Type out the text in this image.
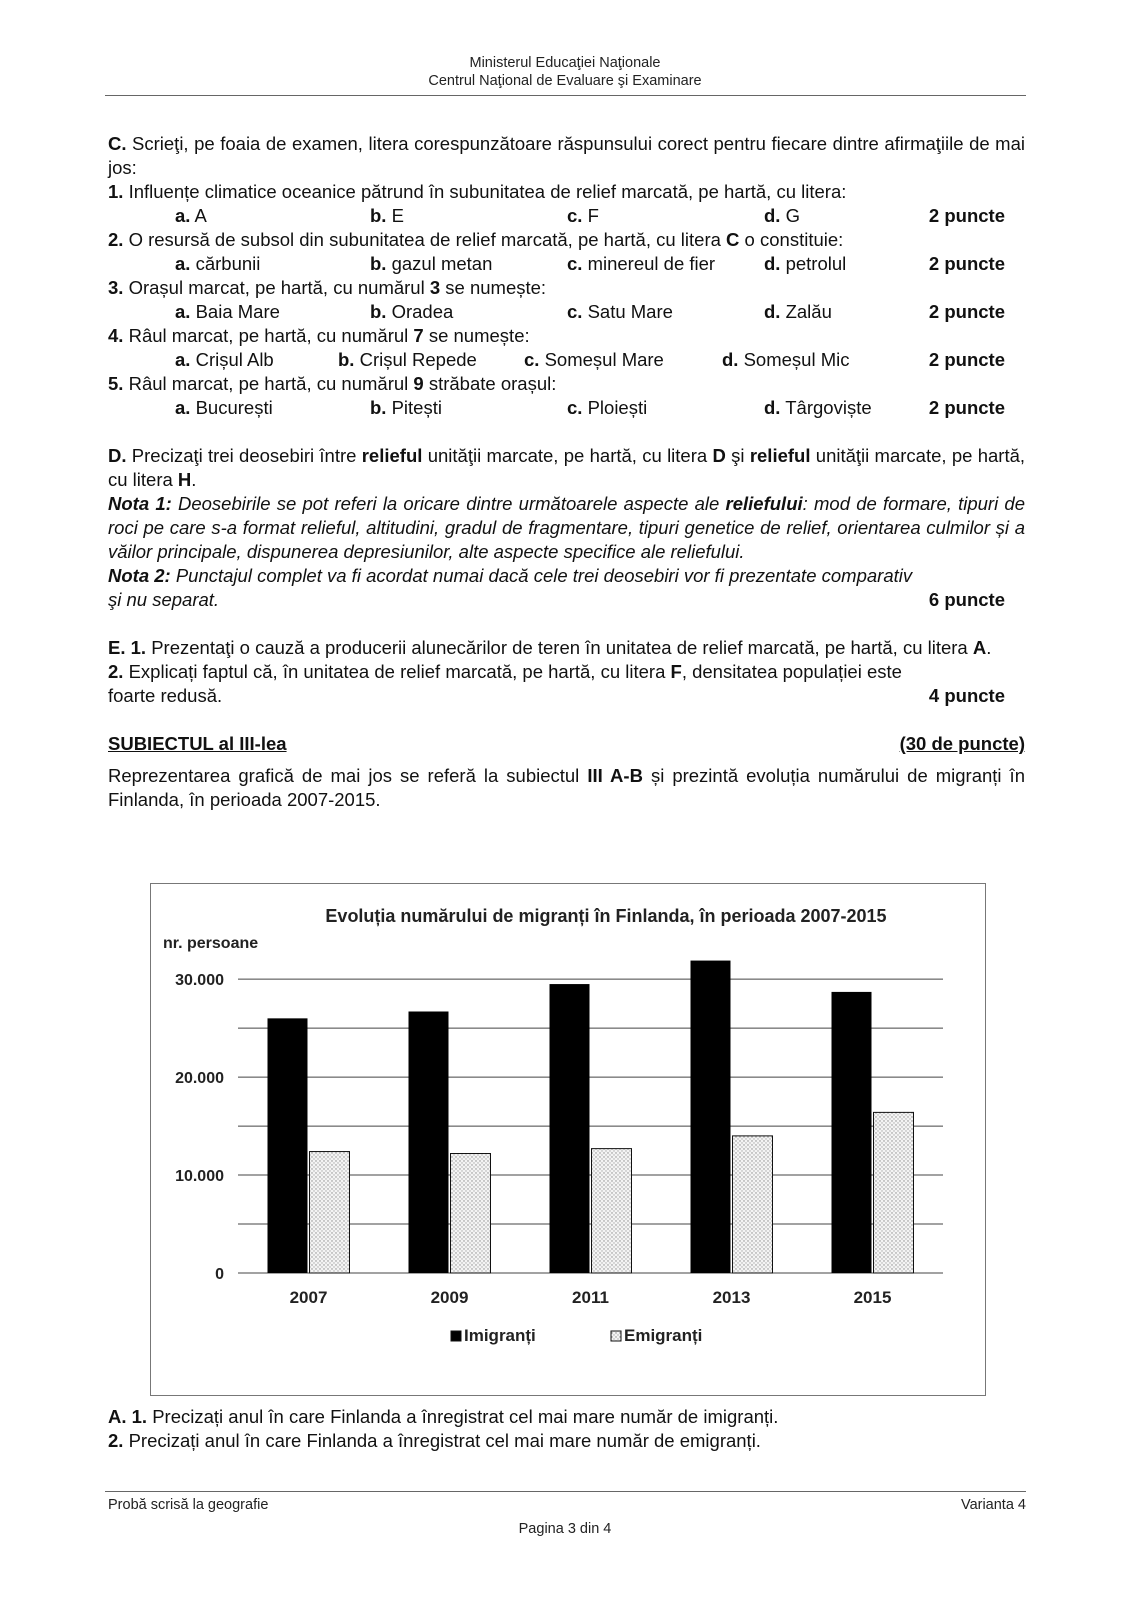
Ministerul Educaţiei Naţionale
Centrul Naţional de Evaluare şi Examinare

C. Scrieţi, pe foaia de examen, litera corespunzătoare răspunsului corect pentru fiecare dintre afirmaţiile de mai jos:

1. Influențe climatice oceanice pătrund în subunitatea de relief marcată, pe hartă, cu litera:

a. A	b. E	c. F	d. G	2 puncte

2. O resursă de subsol din subunitatea de relief marcată, pe hartă, cu litera C o constituie:

a. cărbunii	b. gazul metan	c. minereul de fier	d. petrolul	2 puncte

3. Orașul marcat, pe hartă, cu numărul 3 se numește:

a. Baia Mare	b. Oradea	c. Satu Mare	d. Zalău	2 puncte

4. Râul marcat, pe hartă, cu numărul 7 se numește:

a. Crișul Alb	b. Crișul Repede	c. Someșul Mare	d. Someșul Mic	2 puncte

5. Râul marcat, pe hartă, cu numărul 9 străbate orașul:

a. București	b. Pitești	c. Ploiești	d. Târgoviște	2 puncte

D. Precizaţi trei deosebiri între relieful unităţii marcate, pe hartă, cu litera D şi relieful unităţii marcate, pe hartă, cu litera H.

Nota 1: Deosebirile se pot referi la oricare dintre următoarele aspecte ale reliefului: mod de formare, tipuri de roci pe care s-a format relieful, altitudini, gradul de fragmentare, tipuri genetice de relief, orientarea culmilor și a văilor principale, dispunerea depresiunilor, alte aspecte specifice ale reliefului.

Nota 2: Punctajul complet va fi acordat numai dacă cele trei deosebiri vor fi prezentate comparativ

şi nu separat.	6 puncte

E. 1. Prezentaţi o cauză a producerii alunecărilor de teren în unitatea de relief marcată, pe hartă, cu litera A.

2. Explicați faptul că, în unitatea de relief marcată, pe hartă, cu litera F, densitatea populației este

foarte redusă.	4 puncte
SUBIECTUL al III-lea	(30 de puncte)

Reprezentarea grafică de mai jos se referă la subiectul III A-B și prezintă evoluția numărului de migranți în Finlanda, în perioada 2007-2015.

Evoluția numărului de migranți în Finlanda, în perioada 2007-2015
nr. persoane
0
10.000
20.000
30.000
2007	2009	2011	2013	2015
Imigranți	Emigranți

A. 1. Precizați anul în care Finlanda a înregistrat cel mai mare număr de imigranți.

2. Precizați anul în care Finlanda a înregistrat cel mai mare număr de emigranți.

Probă scrisă la geografie	Varianta 4
Pagina 3 din 4
